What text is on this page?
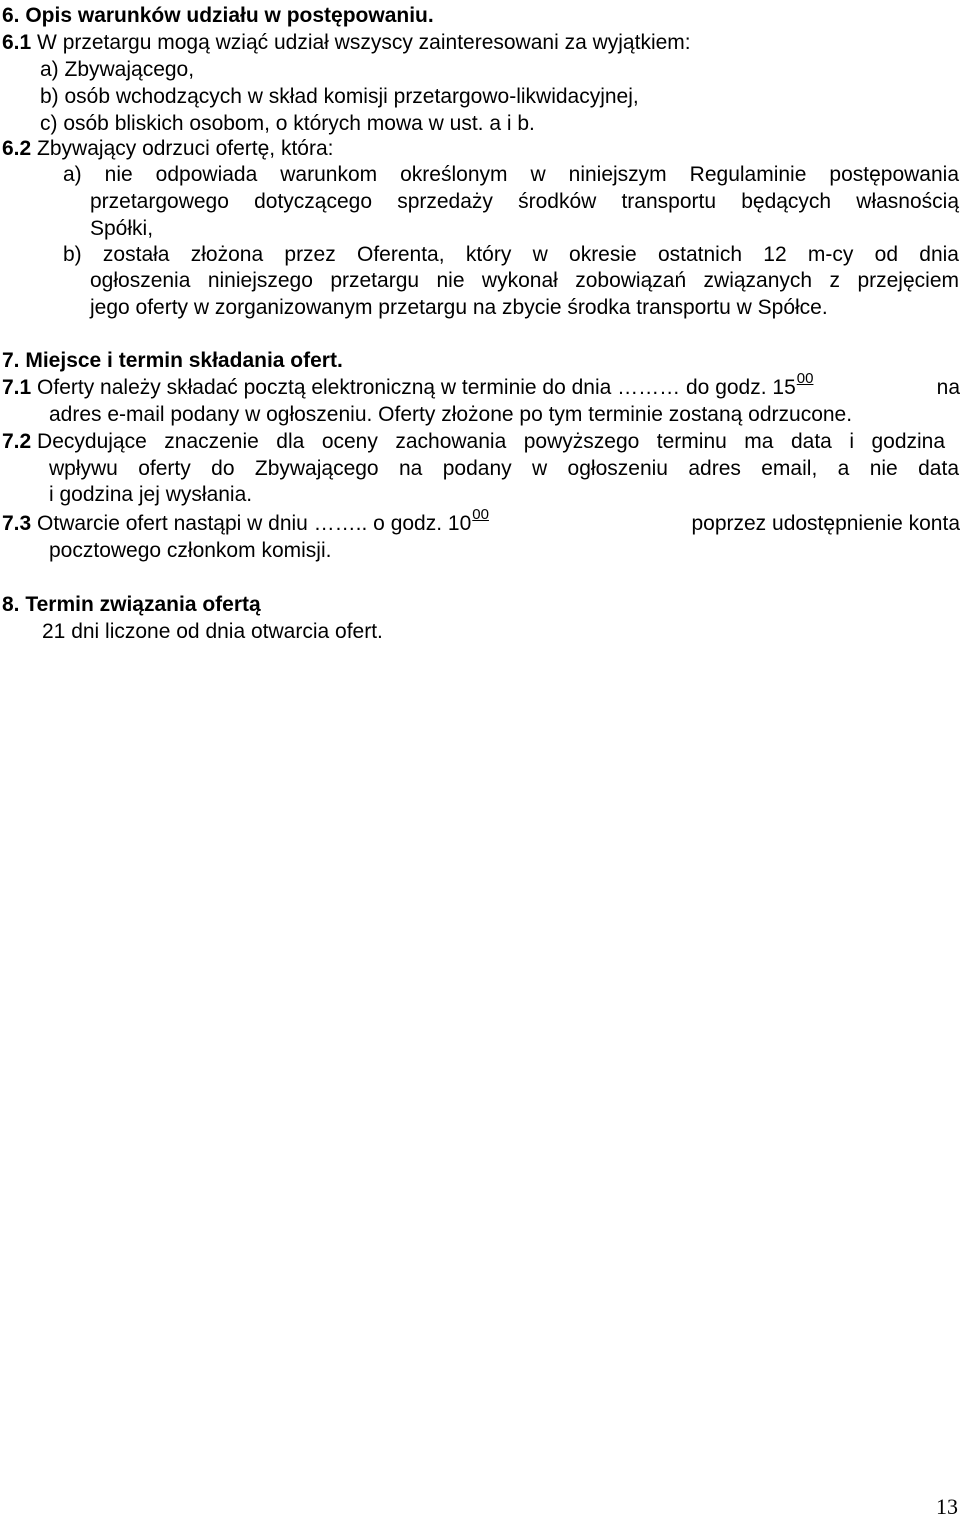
6. Opis warunków udziału w postępowaniu.
6.1 W przetargu mogą wziąć udział wszyscy zainteresowani za wyjątkiem:
a) Zbywającego,
b) osób wchodzących w skład komisji przetargowo-likwidacyjnej,
c) osób bliskich osobom, o których mowa w ust. a i b.
6.2 Zbywający odrzuci ofertę, która:
a) nie odpowiada warunkom określonym w niniejszym Regulaminie postępowania
przetargowego dotyczącego sprzedaży środków transportu będących własnością
Spółki,
b) została złożona przez Oferenta, który w okresie ostatnich 12 m-cy od dnia
ogłoszenia niniejszego przetargu nie wykonał zobowiązań związanych z przejęciem
jego oferty w zorganizowanym przetargu na zbycie środka transportu w Spółce.
7. Miejsce i termin składania ofert.
7.1 Oferty należy składać pocztą elektroniczną w terminie do dnia ……… do godz. $15^{00}$	na
adres e-mail podany w ogłoszeniu. Oferty złożone po tym terminie zostaną odrzucone.
7.2 Decydujące znaczenie dla oceny zachowania powyższego terminu ma data i godzina
wpływu oferty do Zbywającego na podany w ogłoszeniu adres email, a nie data
i godzina jej wysłania.
7.3 Otwarcie ofert nastąpi w dniu …….. o godz. $10^{00}$	poprzez udostępnienie konta
pocztowego członkom komisji.
8. Termin związania ofertą
21 dni liczone od dnia otwarcia ofert.
13
